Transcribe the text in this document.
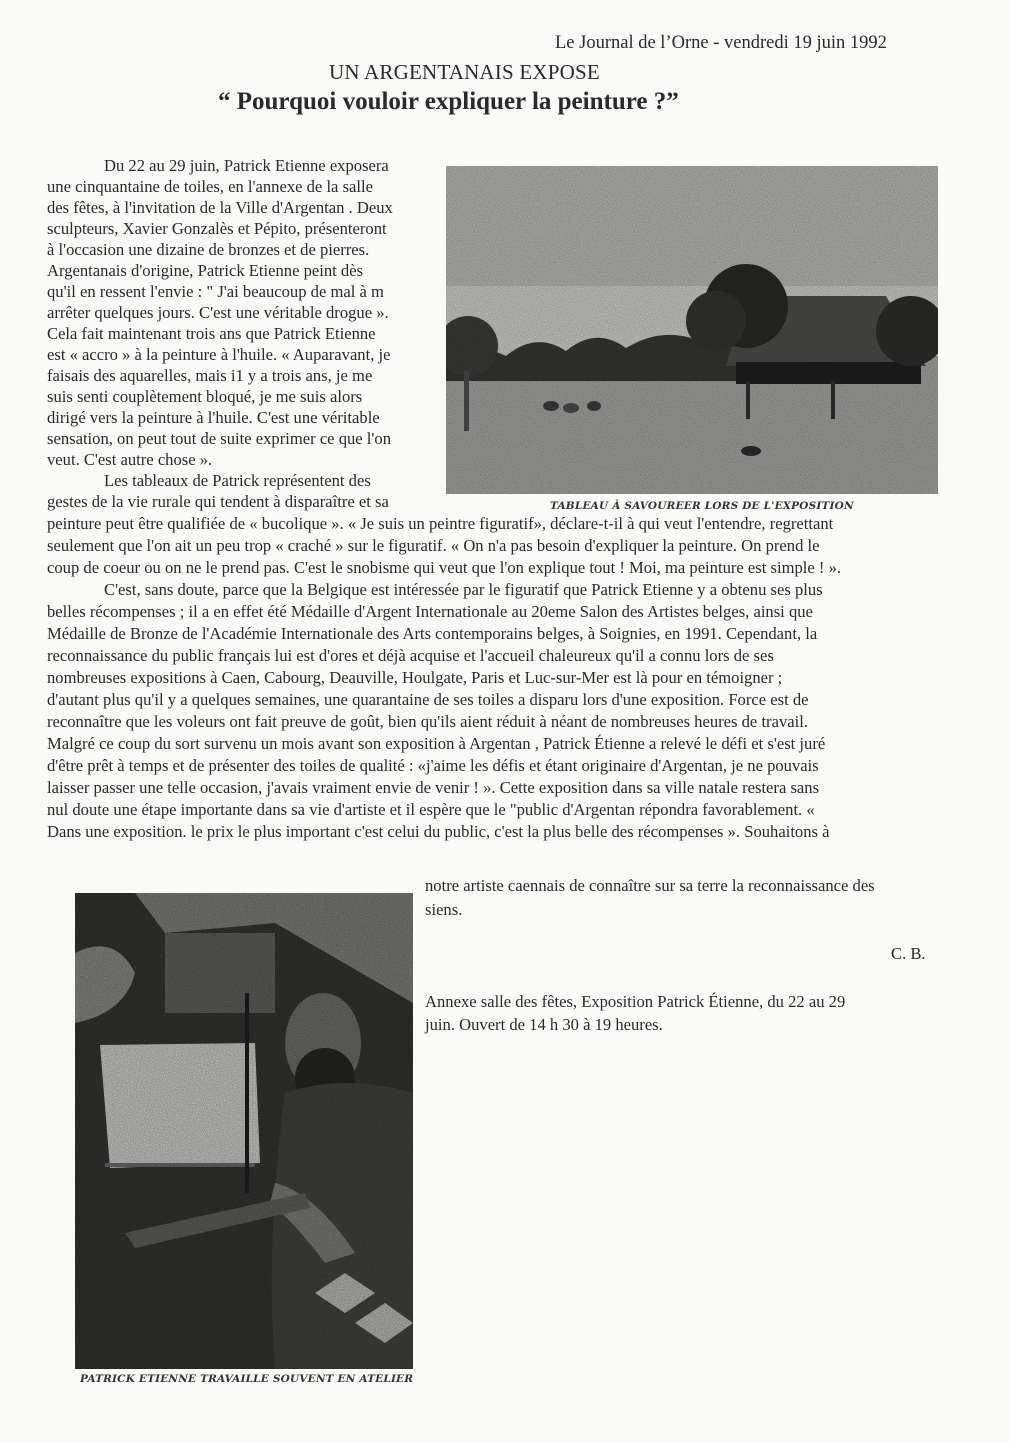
Le Journal de l’Orne - vendredi 19 juin 1992
UN ARGENTANAIS EXPOSE
“ Pourquoi vouloir expliquer la peinture ?”
TABLEAU À SAVOUREER LORS DE L'EXPOSITION
PATRICK ETIENNE TRAVAILLE SOUVENT EN ATELIER
Du 22 au 29 juin, Patrick Etienne exposera
une cinquantaine de toiles, en l'annexe de la salle
des fêtes, à l'invitation de la Ville d'Argentan . Deux
sculpteurs, Xavier Gonzalès et Pépito, présenteront
à l'occasion une dizaine de bronzes et de pierres.
Argentanais d'origine, Patrick Etienne peint dès
qu'il en ressent l'envie : " J'ai beaucoup de mal à m
arrêter quelques jours. C'est une véritable drogue ».
Cela fait maintenant trois ans que Patrick Etienne
est « accro » à la peinture à l'huile. « Auparavant, je
faisais des aquarelles, mais i1 y a trois ans, je me
suis senti couplètement bloqué, je me suis alors
dirigé vers la peinture à l'huile. C'est une véritable
sensation, on peut tout de suite exprimer ce que l'on
veut. C'est autre chose ».
Les tableaux de Patrick représentent des
gestes de la vie rurale qui tendent à disparaître et sa
peinture peut être qualifiée de « bucolique ». « Je suis un peintre figuratif», déclare-t-il à qui veut l'entendre, regrettant
seulement que l'on ait un peu trop « craché » sur le figuratif. « On n'a pas besoin d'expliquer la peinture. On prend le
coup de coeur ou on ne le prend pas. C'est le snobisme qui veut que l'on explique tout ! Moi, ma peinture est simple ! ».
C'est, sans doute, parce que la Belgique est intéressée par le figuratif que Patrick Etienne y a obtenu ses plus
belles récompenses ; il a en effet été Médaille d'Argent Internationale au 20eme Salon des Artistes belges, ainsi que
Médaille de Bronze de l'Académie Internationale des Arts contemporains belges, à Soignies, en 1991. Cependant, la
reconnaissance du public français lui est d'ores et déjà acquise et l'accueil chaleureux qu'il a connu lors de ses
nombreuses expositions à Caen, Cabourg, Deauville, Houlgate, Paris et Luc-sur-Mer est là pour en témoigner ;
d'autant plus qu'il y a quelques semaines, une quarantaine de ses toiles a disparu lors d'une exposition. Force est de
reconnaître que les voleurs ont fait preuve de goût, bien qu'ils aient réduit à néant de nombreuses heures de travail.
Malgré ce coup du sort survenu un mois avant son exposition à Argentan , Patrick Étienne a relevé le défi et s'est juré
d'être prêt à temps et de présenter des toiles de qualité : «j'aime les défis et étant originaire d'Argentan, je ne pouvais
laisser passer une telle occasion, j'avais vraiment envie de venir ! ». Cette exposition dans sa ville natale restera sans
nul doute une étape importante dans sa vie d'artiste et il espère que le "public d'Argentan répondra favorablement. «
Dans une exposition. le prix le plus important c'est celui du public, c'est la plus belle des récompenses ». Souhaitons à
notre artiste caennais de connaître sur sa terre la reconnaissance des
siens.
C. B.
Annexe salle des fêtes, Exposition Patrick Étienne, du 22 au 29
juin. Ouvert de 14 h 30 à 19 heures.
